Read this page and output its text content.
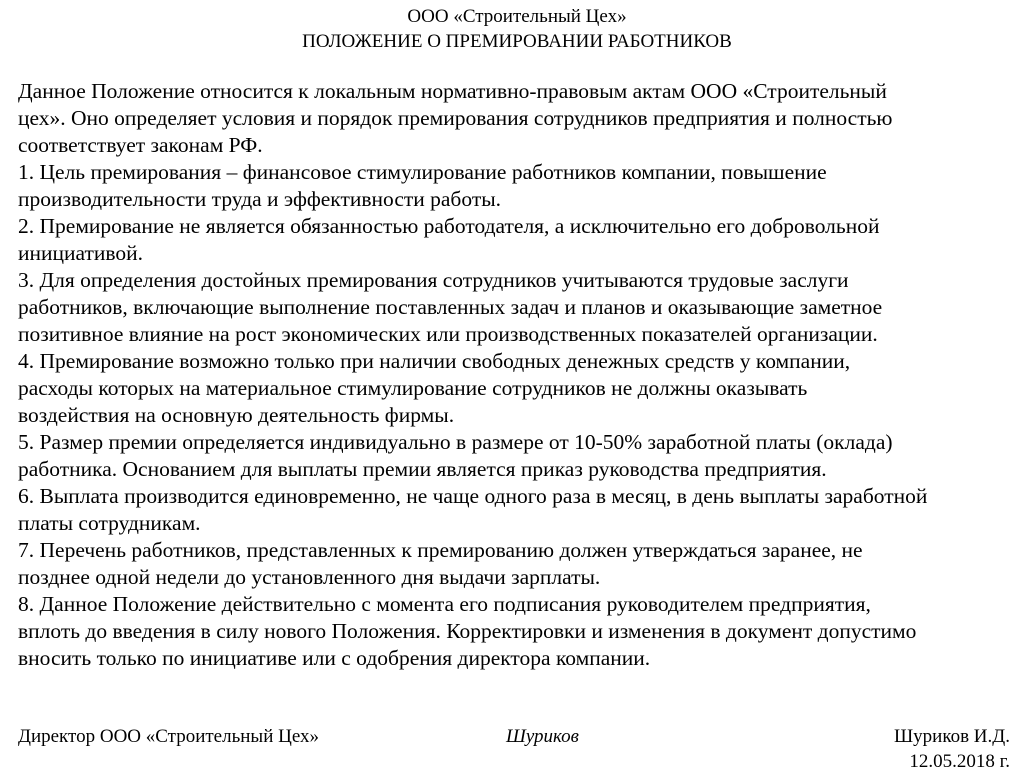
ООО «Строительный Цех»
ПОЛОЖЕНИЕ О ПРЕМИРОВАНИИ РАБОТНИКОВ
Данное Положение относится к локальным нормативно-правовым актам ООО «Строительный
цех». Оно определяет условия и порядок премирования сотрудников предприятия и полностью
соответствует законам РФ.
1. Цель премирования – финансовое стимулирование работников компании, повышение
производительности труда и эффективности работы.
2. Премирование не является обязанностью работодателя, а исключительно его добровольной
инициативой.
3. Для определения достойных премирования сотрудников учитываются трудовые заслуги
работников, включающие выполнение поставленных задач и планов и оказывающие заметное
позитивное влияние на рост экономических или производственных показателей организации.
4. Премирование возможно только при наличии свободных денежных средств у компании,
расходы которых на материальное стимулирование сотрудников не должны оказывать
воздействия на основную деятельность фирмы.
5. Размер премии определяется индивидуально в размере от 10-50% заработной платы (оклада)
работника. Основанием для выплаты премии является приказ руководства предприятия.
6. Выплата производится единовременно, не чаще одного раза в месяц, в день выплаты заработной
платы сотрудникам.
7. Перечень работников, представленных к премированию должен утверждаться заранее, не
позднее одной недели до установленного дня выдачи зарплаты.
8. Данное Положение действительно с момента его подписания руководителем предприятия,
вплоть до введения в силу нового Положения. Корректировки и изменения в документ допустимо
вносить только по инициативе или с одобрения директора компании.
Директор ООО «Строительный Цех»	Шуриков	Шуриков И.Д.
12.05.2018 г.
